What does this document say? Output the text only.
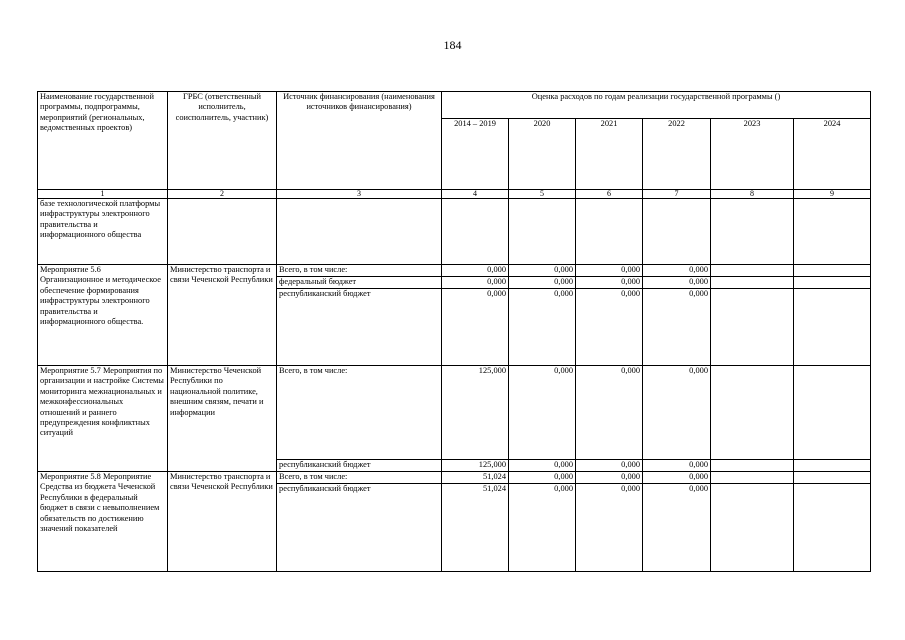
184
Наименование государственной программы, подпрограммы, мероприятий (региональных, ведомственных проектов)	ГРБС (ответственный исполнитель, соисполнитель, участник)	Источник финансирования (наименования источников финансирования)	Оценка расходов по годам реализации государственной программы ()					
			2014 – 2019	2020	2021	2022	2023	2024
1	2	3	4	5	6	7	8	9
базе технологической платформы инфраструктуры электронного правительства и информационного общества								
Мероприятие 5.6 Организационное и методическое обеспечение формирования инфраструктуры электронного правительства и информационного общества.	Министерство транспорта и связи Чеченской Республики	Всего, в том числе:	0,000	0,000	0,000	0,000		
		федеральный бюджет	0,000	0,000	0,000	0,000		
		республиканский бюджет	0,000	0,000	0,000	0,000		
Мероприятие 5.7 Мероприятия по организации и настройке Системы мониторинга межнациональных и межконфессиональных отношений и раннего предупреждения конфликтных ситуаций	Министерство Чеченской Республики по национальной политике, внешним связям, печати и информации	Всего, в том числе:	125,000	0,000	0,000	0,000		
		республиканский бюджет	125,000	0,000	0,000	0,000		
Мероприятие 5.8 Мероприятие Средства из бюджета Чеченской Республики в федеральный бюджет в связи с невыполнением обязательств по достижению значений показателей	Министерство транспорта и связи Чеченской Республики	Всего, в том числе:	51,024	0,000	0,000	0,000		
		республиканский бюджет	51,024	0,000	0,000	0,000		
